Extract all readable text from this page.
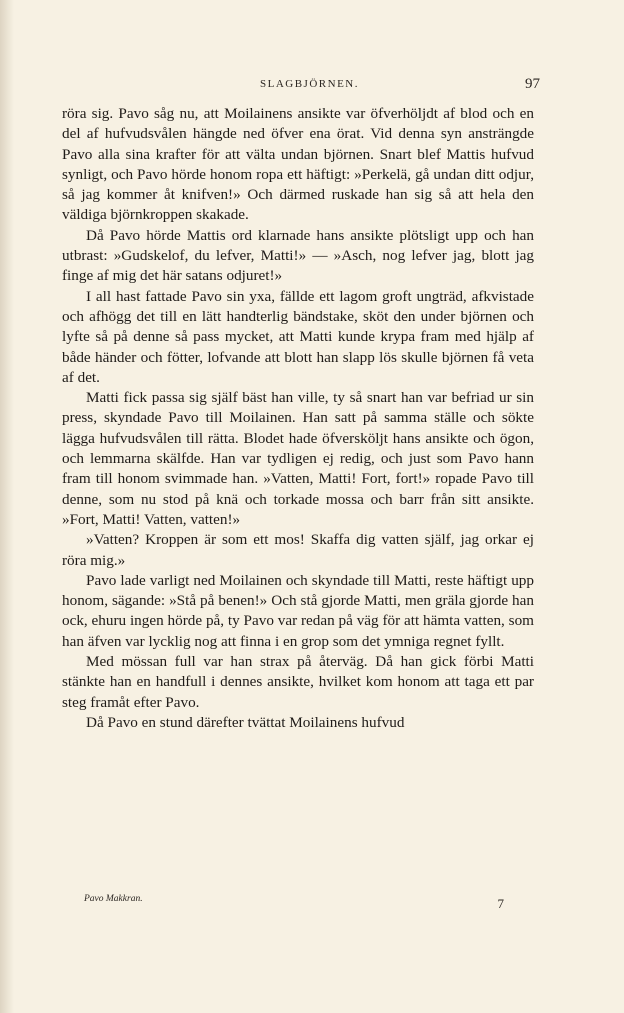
SLAGBJÖRNEN.	97

röra sig. Pavo såg nu, att Moilainens ansikte var öfverhöljdt af blod och en del af hufvudsvålen hängde ned öfver ena örat. Vid denna syn ansträngde Pavo alla sina krafter för att välta undan björnen. Snart blef Mattis hufvud synligt, och Pavo hörde honom ropa ett häftigt: »Perkelä, gå undan ditt odjur, så jag kommer åt knifven!» Och därmed ruskade han sig så att hela den väldiga björnkroppen skakade.

Då Pavo hörde Mattis ord klarnade hans ansikte plötsligt upp och han utbrast: »Gudskelof, du lefver, Matti!» — »Asch, nog lefver jag, blott jag finge af mig det här satans odjuret!»

I all hast fattade Pavo sin yxa, fällde ett lagom groft ungträd, afkvistade och afhögg det till en lätt handterlig bändstake, sköt den under björnen och lyfte så på denne så pass mycket, att Matti kunde krypa fram med hjälp af både händer och fötter, lofvande att blott han slapp lös skulle björnen få veta af det.

Matti fick passa sig själf bäst han ville, ty så snart han var befriad ur sin press, skyndade Pavo till Moilainen. Han satt på samma ställe och sökte lägga hufvudsvålen till rätta. Blodet hade öfversköljt hans ansikte och ögon, och lemmarna skälfde. Han var tydligen ej redig, och just som Pavo hann fram till honom svimmade han. »Vatten, Matti! Fort, fort!» ropade Pavo till denne, som nu stod på knä och torkade mossa och barr från sitt ansikte. »Fort, Matti! Vatten, vatten!»

»Vatten? Kroppen är som ett mos! Skaffa dig vatten själf, jag orkar ej röra mig.»

Pavo lade varligt ned Moilainen och skyndade till Matti, reste häftigt upp honom, sägande: »Stå på benen!» Och stå gjorde Matti, men gräla gjorde han ock, ehuru ingen hörde på, ty Pavo var redan på väg för att hämta vatten, som han äfven var lycklig nog att finna i en grop som det ymniga regnet fyllt.

Med mössan full var han strax på återväg. Då han gick förbi Matti stänkte han en handfull i dennes ansikte, hvilket kom honom att taga ett par steg framåt efter Pavo.

Då Pavo en stund därefter tvättat Moilainens hufvud

Pavo Makkran.	7
